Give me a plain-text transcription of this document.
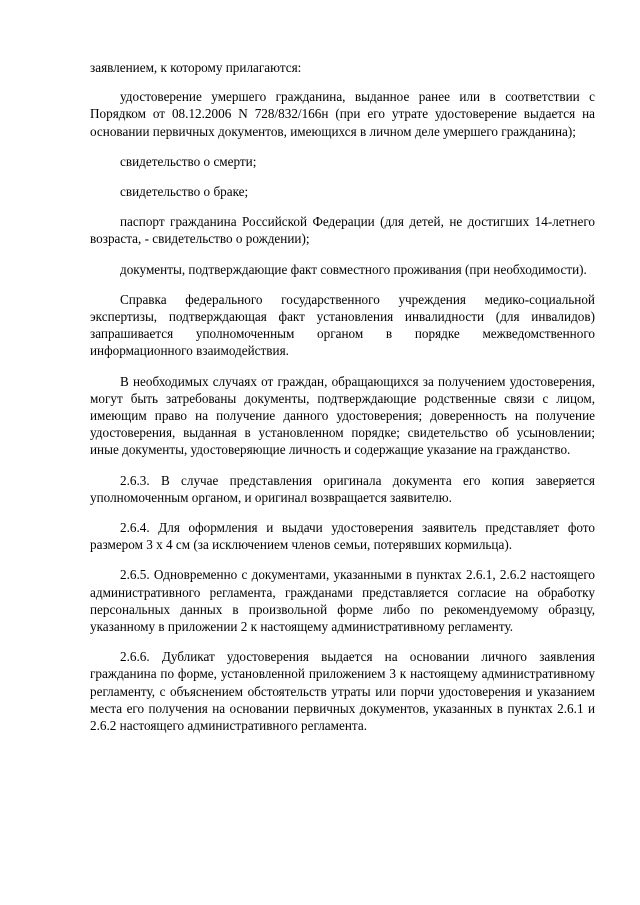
заявлением, к которому прилагаются:

удостоверение умершего гражданина, выданное ранее или в соответствии с Порядком от 08.12.2006 N 728/832/166н (при его утрате удостоверение выдается на основании первичных документов, имеющихся в личном деле умершего гражданина);

свидетельство о смерти;

свидетельство о браке;

паспорт гражданина Российской Федерации (для детей, не достигших 14-летнего возраста, - свидетельство о рождении);

документы, подтверждающие факт совместного проживания (при необходимости).

Справка федерального государственного учреждения медико-социальной экспертизы, подтверждающая факт установления инвалидности (для инвалидов) запрашивается уполномоченным органом в порядке межведомственного информационного взаимодействия.

В необходимых случаях от граждан, обращающихся за получением удостоверения, могут быть затребованы документы, подтверждающие родственные связи с лицом, имеющим право на получение данного удостоверения; доверенность на получение удостоверения, выданная в установленном порядке; свидетельство об усыновлении; иные документы, удостоверяющие личность и содержащие указание на гражданство.

2.6.3. В случае представления оригинала документа его копия заверяется уполномоченным органом, и оригинал возвращается заявителю.

2.6.4. Для оформления и выдачи удостоверения заявитель представляет фото размером 3 х 4 см (за исключением членов семьи, потерявших кормильца).

2.6.5. Одновременно с документами, указанными в пунктах 2.6.1, 2.6.2 настоящего административного регламента, гражданами представляется согласие на обработку персональных данных в произвольной форме либо по рекомендуемому образцу, указанному в приложении 2 к настоящему административному регламенту.

2.6.6. Дубликат удостоверения выдается на основании личного заявления гражданина по форме, установленной приложением 3 к настоящему административному регламенту, с объяснением обстоятельств утраты или порчи удостоверения и указанием места его получения на основании первичных документов, указанных в пунктах 2.6.1 и 2.6.2 настоящего административного регламента.
